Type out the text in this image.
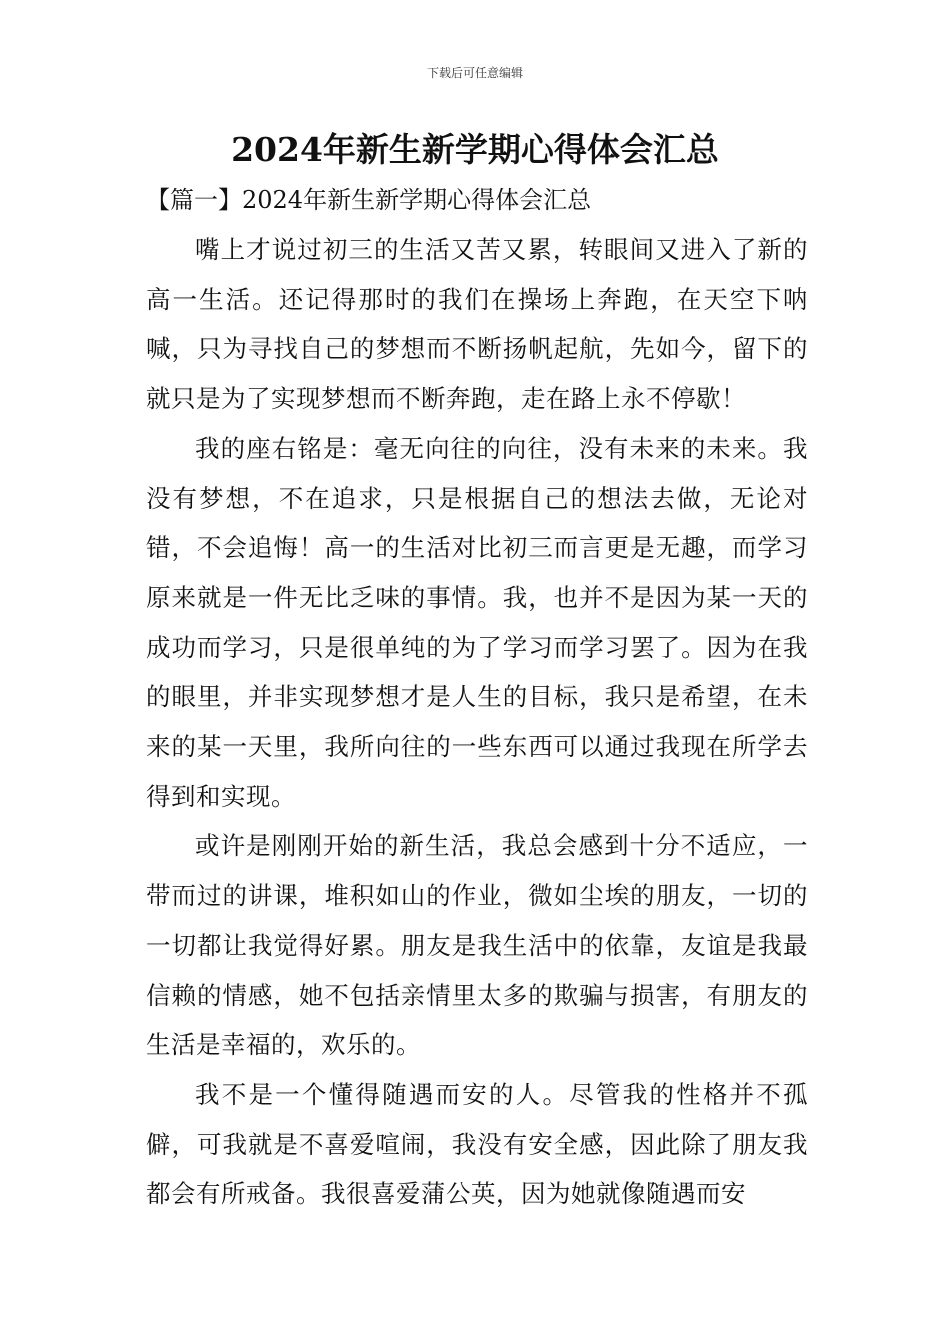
下载后可任意编辑
2024年新生新学期心得体会汇总
【篇一】2024年新生新学期心得体会汇总

嘴上才说过初三的生活又苦又累，转眼间又进入了新的高一生活。还记得那时的我们在操场上奔跑，在天空下呐喊，只为寻找自己的梦想而不断扬帆起航，先如今，留下的就只是为了实现梦想而不断奔跑，走在路上永不停歇！

我的座右铭是：毫无向往的向往，没有未来的未来。我没有梦想，不在追求，只是根据自己的想法去做，无论对错，不会追悔！高一的生活对比初三而言更是无趣，而学习原来就是一件无比乏味的事情。我，也并不是因为某一天的成功而学习，只是很单纯的为了学习而学习罢了。因为在我的眼里，并非实现梦想才是人生的目标，我只是希望，在未来的某一天里，我所向往的一些东西可以通过我现在所学去得到和实现。

或许是刚刚开始的新生活，我总会感到十分不适应，一带而过的讲课，堆积如山的作业，微如尘埃的朋友，一切的一切都让我觉得好累。朋友是我生活中的依靠，友谊是我最信赖的情感，她不包括亲情里太多的欺骗与损害，有朋友的生活是幸福的，欢乐的。

我不是一个懂得随遇而安的人。尽管我的性格并不孤僻，可我就是不喜爱喧闹，我没有安全感，因此除了朋友我都会有所戒备。我很喜爱蒲公英，因为她就像随遇而安
